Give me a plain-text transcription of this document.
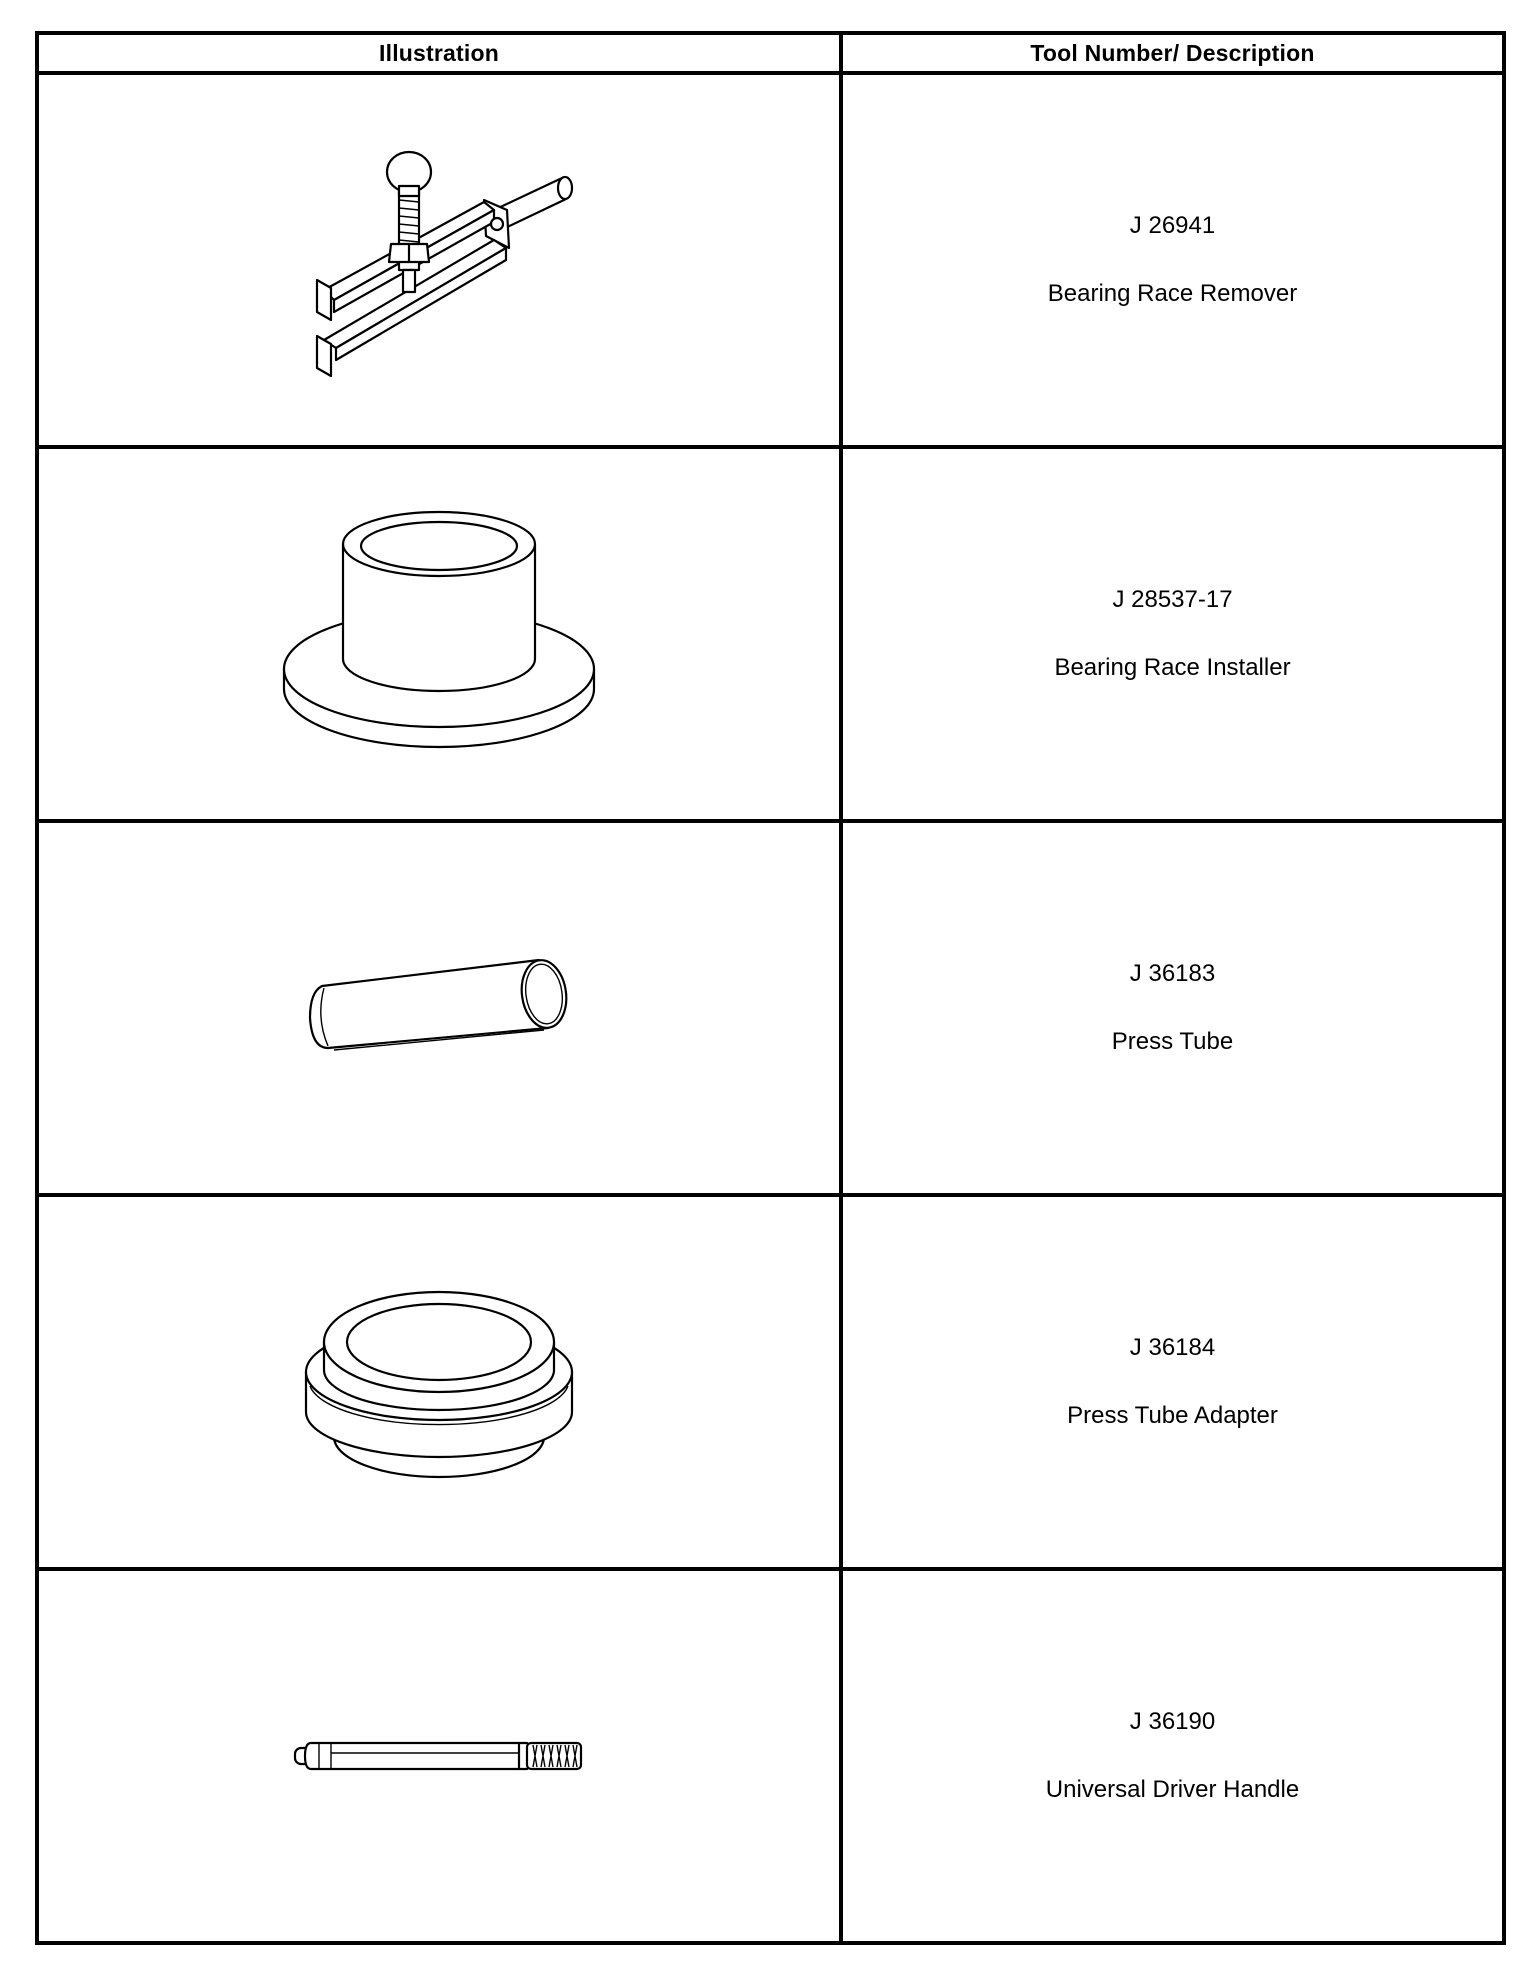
Illustration	Tool Number/ Description

J 26941
Bearing Race Remover

J 28537-17
Bearing Race Installer

J 36183
Press Tube

J 36184
Press Tube Adapter

J 36190
Universal Driver Handle
